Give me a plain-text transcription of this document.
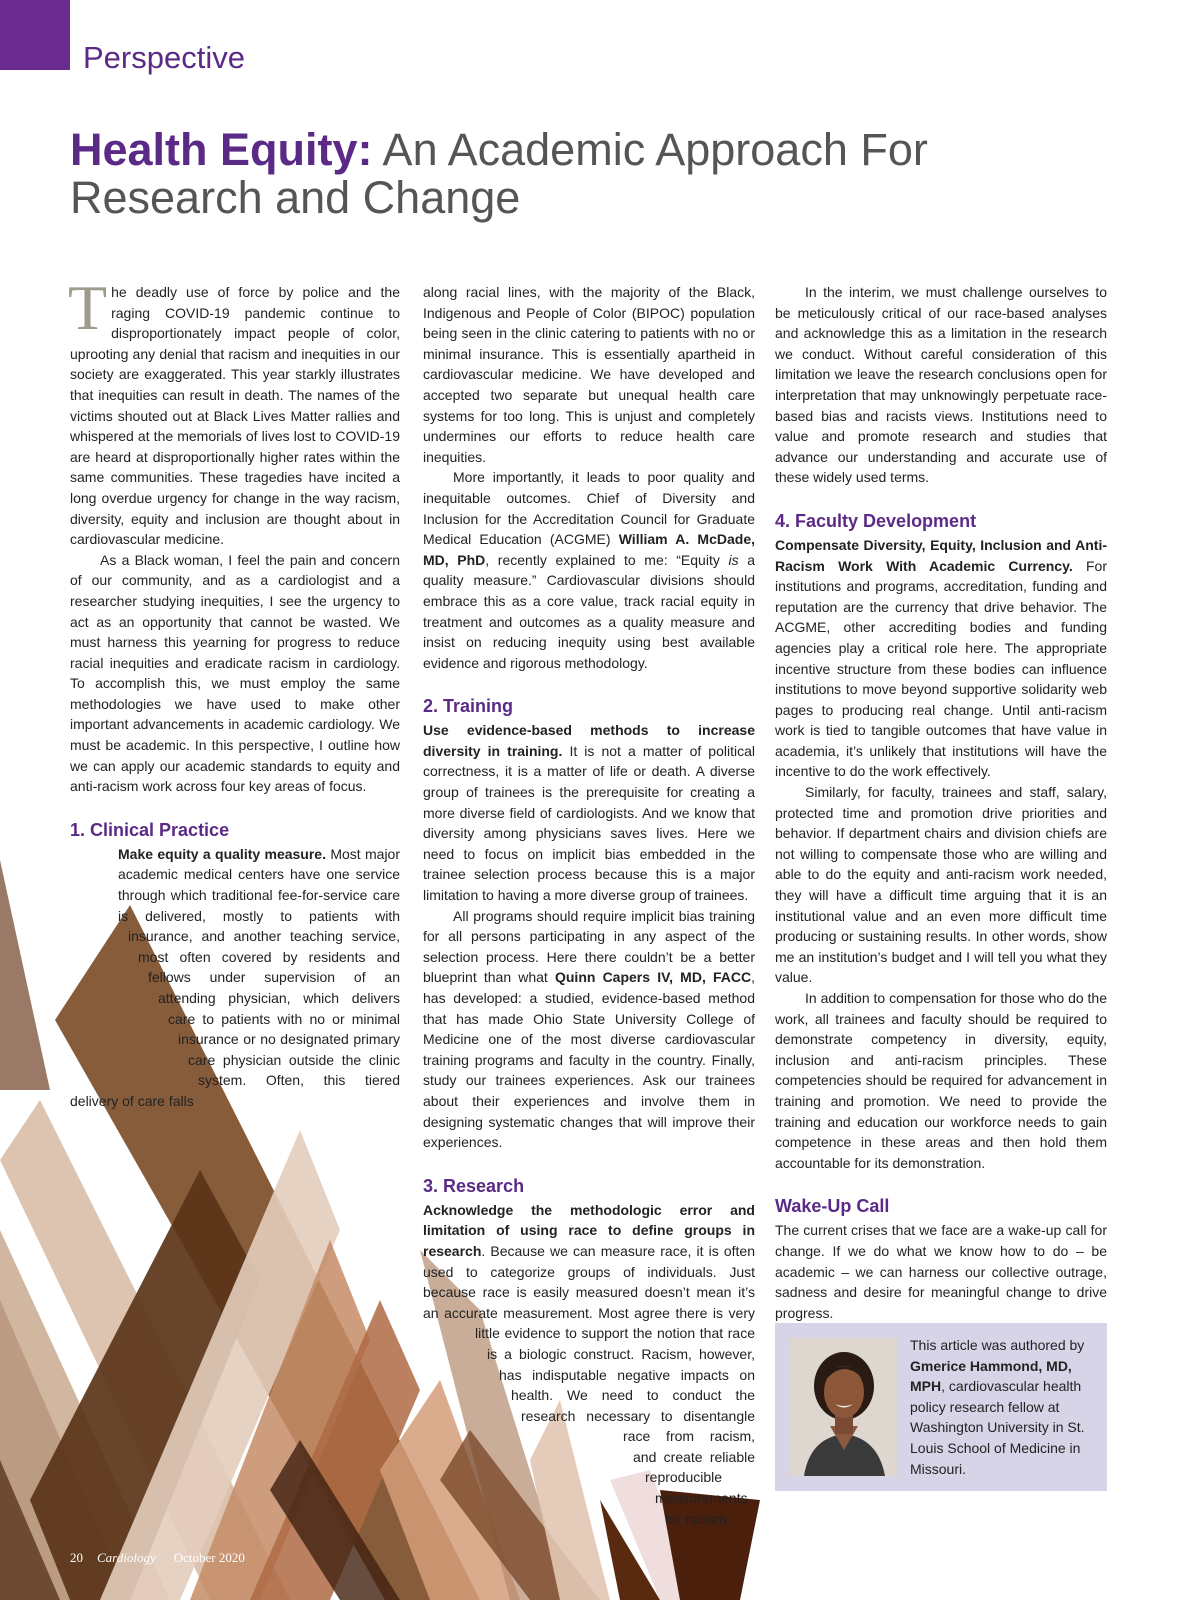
Perspective
Health Equity: An Academic Approach For Research and Change

The deadly use of force by police and the raging COVID-19 pandemic continue to disproportionately impact people of color, uprooting any denial that racism and inequities in our society are exaggerated. This year starkly illustrates that inequities can result in death. The names of the victims shouted out at Black Lives Matter rallies and whispered at the memorials of lives lost to COVID-19 are heard at disproportionally higher rates within the same communities. These tragedies have incited a long overdue urgency for change in the way racism, diversity, equity and inclusion are thought about in cardiovascular medicine.

As a Black woman, I feel the pain and concern of our community, and as a cardiologist and a researcher studying inequities, I see the urgency to act as an opportunity that cannot be wasted. We must harness this yearning for progress to reduce racial inequities and eradicate racism in cardiology. To accomplish this, we must employ the same methodologies we have used to make other important advancements in academic cardiology. We must be academic. In this perspective, I outline how we can apply our academic standards to equity and anti-racism work across four key areas of focus.

1. Clinical Practice

Make equity a quality measure. Most major academic medical centers have one service through which traditional fee-for-service care is delivered, mostly to patients with insurance, and another teaching service, most often covered by residents and fellows under supervision of an attending physician, which delivers care to patients with no or minimal insurance or no designated primary care physician outside the clinic system. Often, this tiered delivery of care falls

along racial lines, with the majority of the Black, Indigenous and People of Color (BIPOC) population being seen in the clinic catering to patients with no or minimal insurance. This is essentially apartheid in cardiovascular medicine. We have developed and accepted two separate but unequal health care systems for too long. This is unjust and completely undermines our efforts to reduce health care inequities.

More importantly, it leads to poor quality and inequitable outcomes. Chief of Diversity and Inclusion for the Accreditation Council for Graduate Medical Education (ACGME) William A. McDade, MD, PhD, recently explained to me: “Equity is a quality measure.” Cardiovascular divisions should embrace this as a core value, track racial equity in treatment and outcomes as a quality measure and insist on reducing inequity using best available evidence and rigorous methodology.

2. Training

Use evidence-based methods to increase diversity in training. It is not a matter of political correctness, it is a matter of life or death. A diverse group of trainees is the prerequisite for creating a more diverse field of cardiologists. And we know that diversity among physicians saves lives. Here we need to focus on implicit bias embedded in the trainee selection process because this is a major limitation to having a more diverse group of trainees.

All programs should require implicit bias training for all persons participating in any aspect of the selection process. Here there couldn’t be a better blueprint than what Quinn Capers IV, MD, FACC, has developed: a studied, evidence-based method that has made Ohio State University College of Medicine one of the most diverse cardiovascular training programs and faculty in the country. Finally, study our trainees experiences. Ask our trainees about their experiences and involve them in designing systematic changes that will improve their experiences.

3. Research

Acknowledge the methodologic error and limitation of using race to define groups in research. Because we can measure race, it is often used to categorize groups of individuals. Just because race is easily measured doesn’t mean it’s an accurate measurement. Most agree there is very little evidence to support the notion that race is a biologic construct. Racism, however, has indisputable negative impacts on health. We need to conduct the research necessary to disentangle race from racism, and create reliable reproducible measurements for racism.

In the interim, we must challenge ourselves to be meticulously critical of our race-based analyses and acknowledge this as a limitation in the research we conduct. Without careful consideration of this limitation we leave the research conclusions open for interpretation that may unknowingly perpetuate race-based bias and racists views. Institutions need to value and promote research and studies that advance our understanding and accurate use of these widely used terms.

4. Faculty Development

Compensate Diversity, Equity, Inclusion and Anti-Racism Work With Academic Currency. For institutions and programs, accreditation, funding and reputation are the currency that drive behavior. The ACGME, other accrediting bodies and funding agencies play a critical role here. The appropriate incentive structure from these bodies can influence institutions to move beyond supportive solidarity web pages to producing real change. Until anti-racism work is tied to tangible outcomes that have value in academia, it’s unlikely that institutions will have the incentive to do the work effectively.

Similarly, for faculty, trainees and staff, salary, protected time and promotion drive priorities and behavior. If department chairs and division chiefs are not willing to compensate those who are willing and able to do the equity and anti-racism work needed, they will have a difficult time arguing that it is an institutional value and an even more difficult time producing or sustaining results. In other words, show me an institution’s budget and I will tell you what they value.

In addition to compensation for those who do the work, all trainees and faculty should be required to demonstrate competency in diversity, equity, inclusion and anti-racism principles. These competencies should be required for advancement in training and promotion. We need to provide the training and education our workforce needs to gain competence in these areas and then hold them accountable for its demonstration.

Wake-Up Call

The current crises that we face are a wake-up call for change. If we do what we know how to do – be academic – we can harness our collective outrage, sadness and desire for meaningful change to drive progress.

This article was authored by Gmerice Hammond, MD, MPH, cardiovascular health policy research fellow at Washington University in St. Louis School of Medicine in Missouri.
20 Cardiology October 2020
